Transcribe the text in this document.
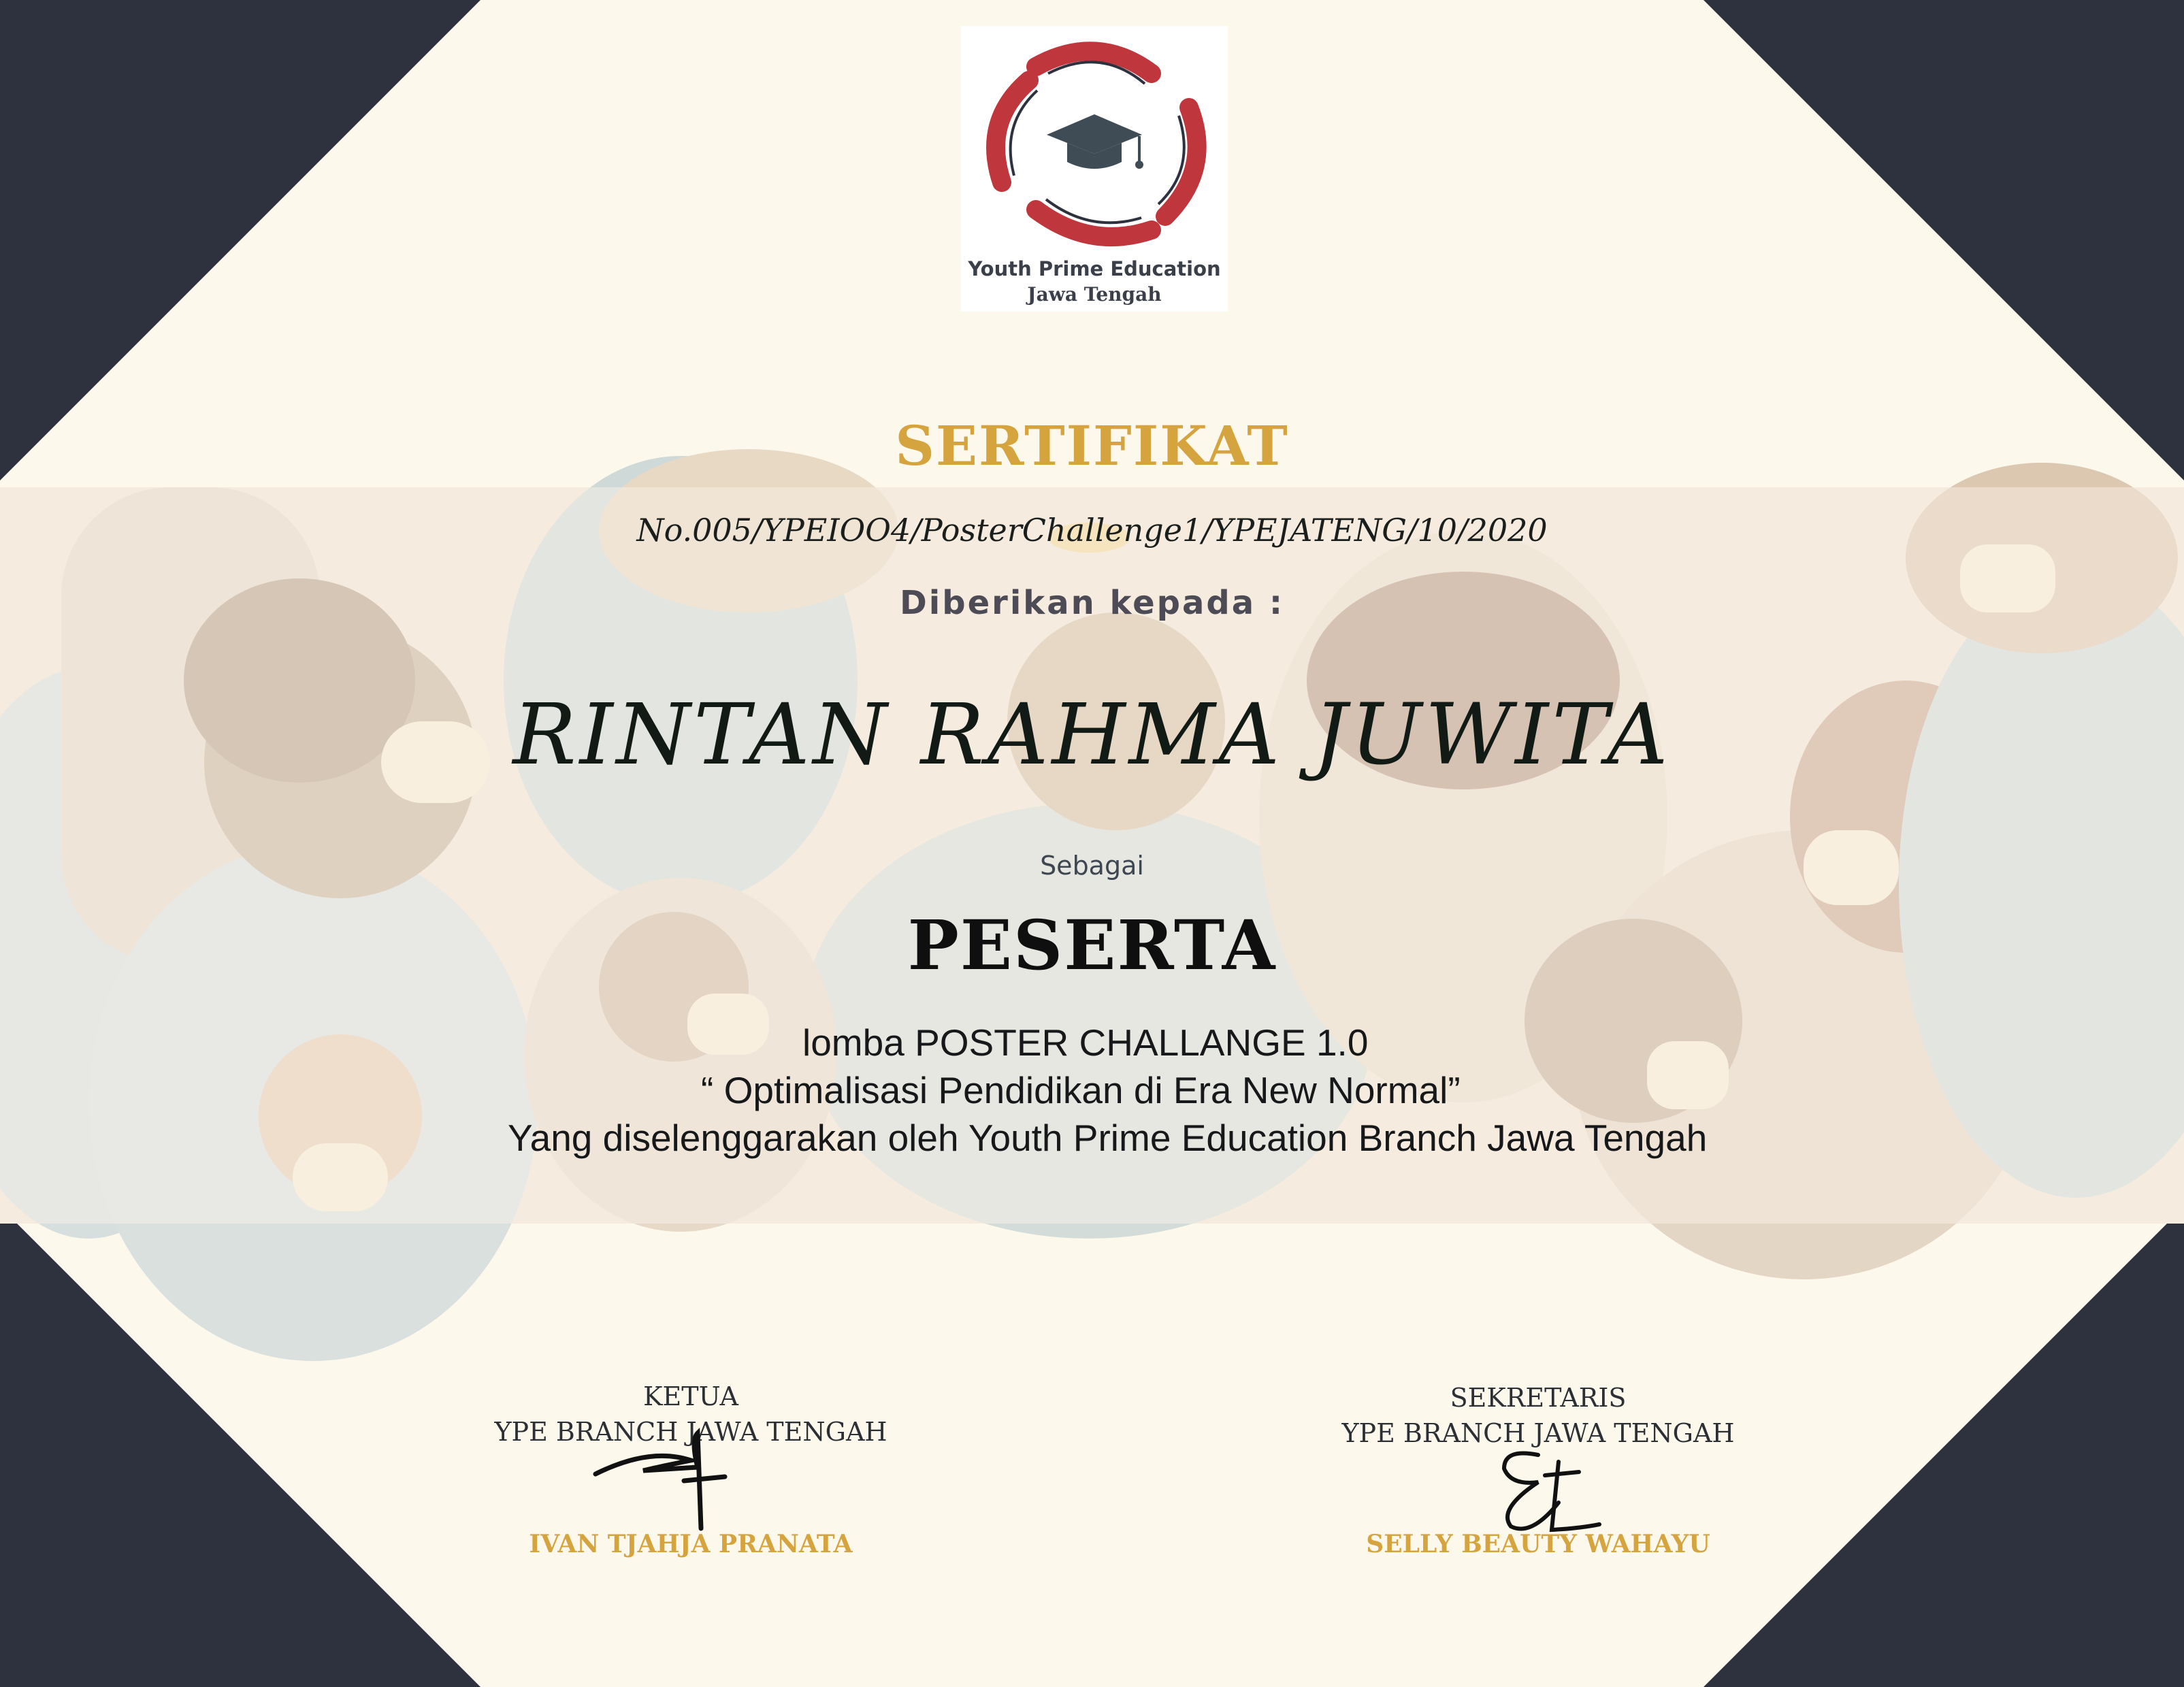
Youth Prime Education
Jawa Tengah
SERTIFIKAT
No.005/YPEIOO4/PosterChallenge1/YPEJATENG/10/2020
Diberikan kepada :
RINTAN RAHMA JUWITA
Sebagai
PESERTA
lomba POSTER CHALLANGE 1.0
“ Optimalisasi Pendidikan di Era New Normal”
Yang diselenggarakan oleh Youth Prime Education Branch Jawa Tengah
KETUA
YPE BRANCH JAWA TENGAH
IVAN TJAHJA PRANATA
SEKRETARIS
YPE BRANCH JAWA TENGAH
SELLY BEAUTY WAHAYU
